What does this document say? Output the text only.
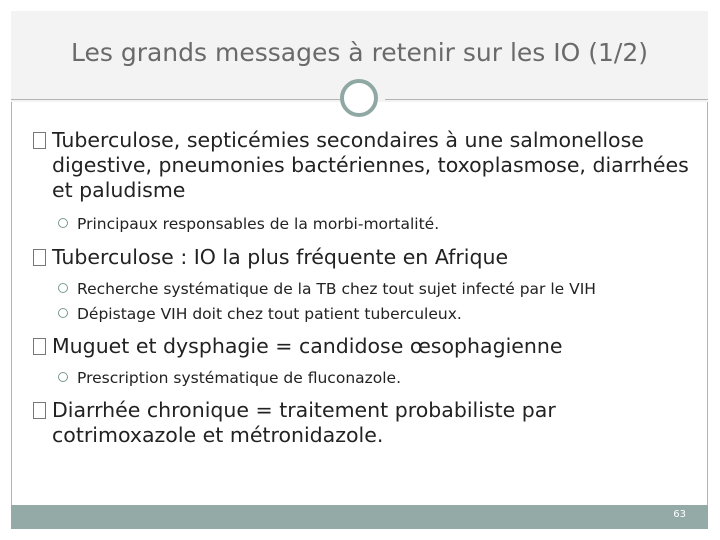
Les grands messages à retenir sur les IO (1/2)
Tuberculose, septicémies secondaires à une salmonellose digestive, pneumonies bactériennes, toxoplasmose, diarrhées et paludisme
Principaux responsables de la morbi-mortalité.
Tuberculose : IO la plus fréquente en Afrique
Recherche systématique de la TB chez tout sujet infecté par le VIH
Dépistage VIH doit chez tout patient tuberculeux.
Muguet et dysphagie = candidose œsophagienne
Prescription systématique de fluconazole.
Diarrhée chronique = traitement probabiliste par cotrimoxazole et métronidazole.
63
